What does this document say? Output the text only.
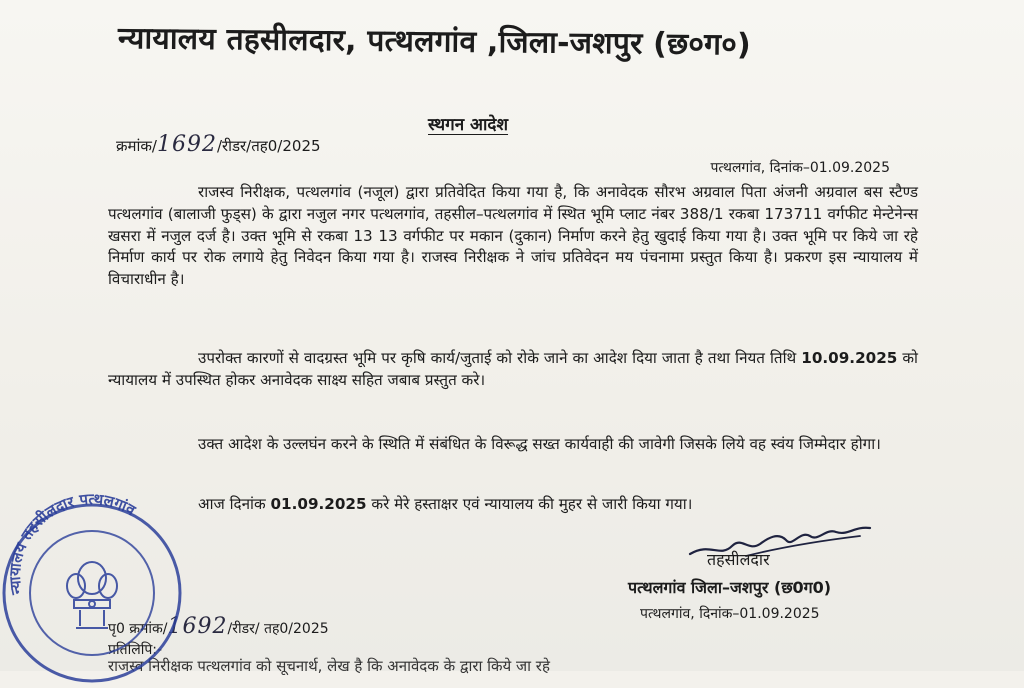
न्यायालय तहसीलदार, पत्थलगांव ,जिला-जशपुर (छ०ग०)
स्थगन आदेश
क्रमांक/1692/रीडर/तह0/2025
पत्थलगांव, दिनांक–01.09.2025
राजस्व निरीक्षक, पत्थलगांव (नजूल) द्वारा प्रतिवेदित किया गया है, कि अनावेदक सौरभ अग्रवाल पिता अंजनी अग्रवाल बस स्टैण्ड पत्थलगांव (बालाजी फुड्स) के द्वारा नजुल नगर पत्थलगांव, तहसील–पत्थलगांव में स्थित भूमि प्लाट नंबर 388/1 रकबा 173711 वर्गफीट मेन्टेनेन्स खसरा में नजुल दर्ज है। उक्त भूमि से रकबा 13 13 वर्गफीट पर मकान (दुकान) निर्माण करने हेतु खुदाई किया गया है। उक्त भूमि पर किये जा रहे निर्माण कार्य पर रोक लगाये हेतु निवेदन किया गया है। राजस्व निरीक्षक ने जांच प्रतिवेदन मय पंचनामा प्रस्तुत किया है। प्रकरण इस न्यायालय में विचाराधीन है।
उपरोक्त कारणों से वादग्रस्त भूमि पर कृषि कार्य/जुताई को रोके जाने का आदेश दिया जाता है तथा नियत तिथि 10.09.2025 को न्यायालय में उपस्थित होकर अनावेदक साक्ष्य सहित जबाब प्रस्तुत करे।
उक्त आदेश के उल्लघंन करने के स्थिति में संबंधित के विरूद्ध सख्त कार्यवाही की जावेगी जिसके लिये वह स्वंय जिम्मेदार होगा।
आज दिनांक 01.09.2025 करे मेरे हस्ताक्षर एवं न्यायालय की मुहर से जारी किया गया।
तहसीलदार
पत्थलगांव जिला–जशपुर (छ0ग0)
पत्थलगांव, दिनांक–01.09.2025
पृ0 क्रमांक/1692/रीडर/ तह0/2025
प्रतिलिपि:-
राजस्व निरीक्षक पत्थलगांव को सूचनार्थ, लेख है कि अनावेदक के द्वारा किये जा रहे
न्यायालय तहसीलदार पत्थलगांव
